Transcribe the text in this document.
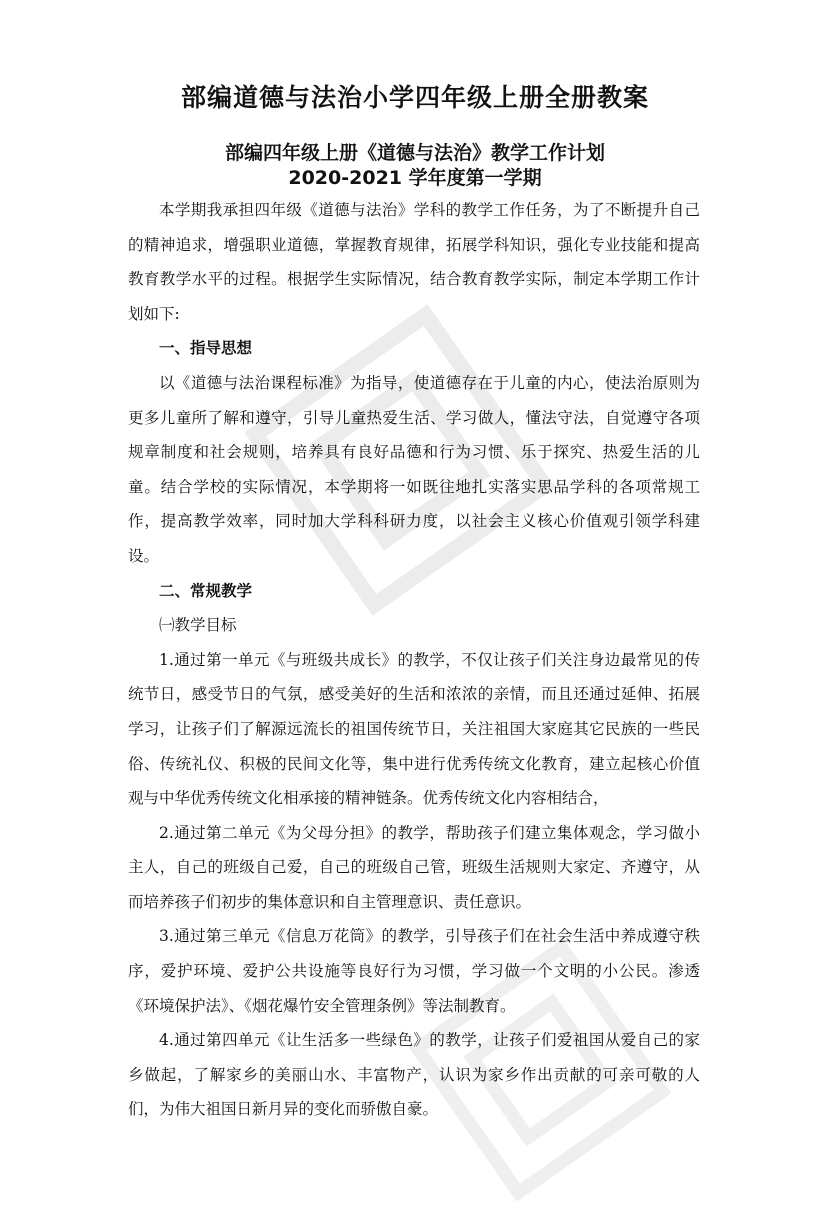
部编道德与法治小学四年级上册全册教案
部编四年级上册《道德与法治》教学工作计划
2020-2021 学年度第一学期

本学期我承担四年级《道德与法治》学科的教学工作任务，为了不断提升自己的精神追求，增强职业道德，掌握教育规律，拓展学科知识，强化专业技能和提高教育教学水平的过程。根据学生实际情况，结合教育教学实际，制定本学期工作计划如下:

一、指导思想

以《道德与法治课程标准》为指导，使道德存在于儿童的内心，使法治原则为更多儿童所了解和遵守，引导儿童热爱生活、学习做人，懂法守法，自觉遵守各项规章制度和社会规则，培养具有良好品德和行为习惯、乐于探究、热爱生活的儿童。结合学校的实际情况，本学期将一如既往地扎实落实思品学科的各项常规工作，提高教学效率，同时加大学科科研力度，以社会主义核心价值观引领学科建设。

二、常规教学

㈠教学目标

1.通过第一单元《与班级共成长》的教学，不仅让孩子们关注身边最常见的传统节日，感受节日的气氛，感受美好的生活和浓浓的亲情，而且还通过延伸、拓展学习，让孩子们了解源远流长的祖国传统节日，关注祖国大家庭其它民族的一些民俗、传统礼仪、积极的民间文化等，集中进行优秀传统文化教育，建立起核心价值观与中华优秀传统文化相承接的精神链条。优秀传统文化内容相结合，

2.通过第二单元《为父母分担》的教学，帮助孩子们建立集体观念，学习做小主人，自己的班级自己爱，自己的班级自己管，班级生活规则大家定、齐遵守，从而培养孩子们初步的集体意识和自主管理意识、责任意识。

3.通过第三单元《信息万花筒》的教学，引导孩子们在社会生活中养成遵守秩序，爱护环境、爱护公共设施等良好行为习惯，学习做一个文明的小公民。渗透《环境保护法》、《烟花爆竹安全管理条例》等法制教育。

4.通过第四单元《让生活多一些绿色》的教学，让孩子们爱祖国从爱自己的家乡做起，了解家乡的美丽山水、丰富物产，认识为家乡作出贡献的可亲可敬的人们，为伟大祖国日新月异的变化而骄傲自豪。
